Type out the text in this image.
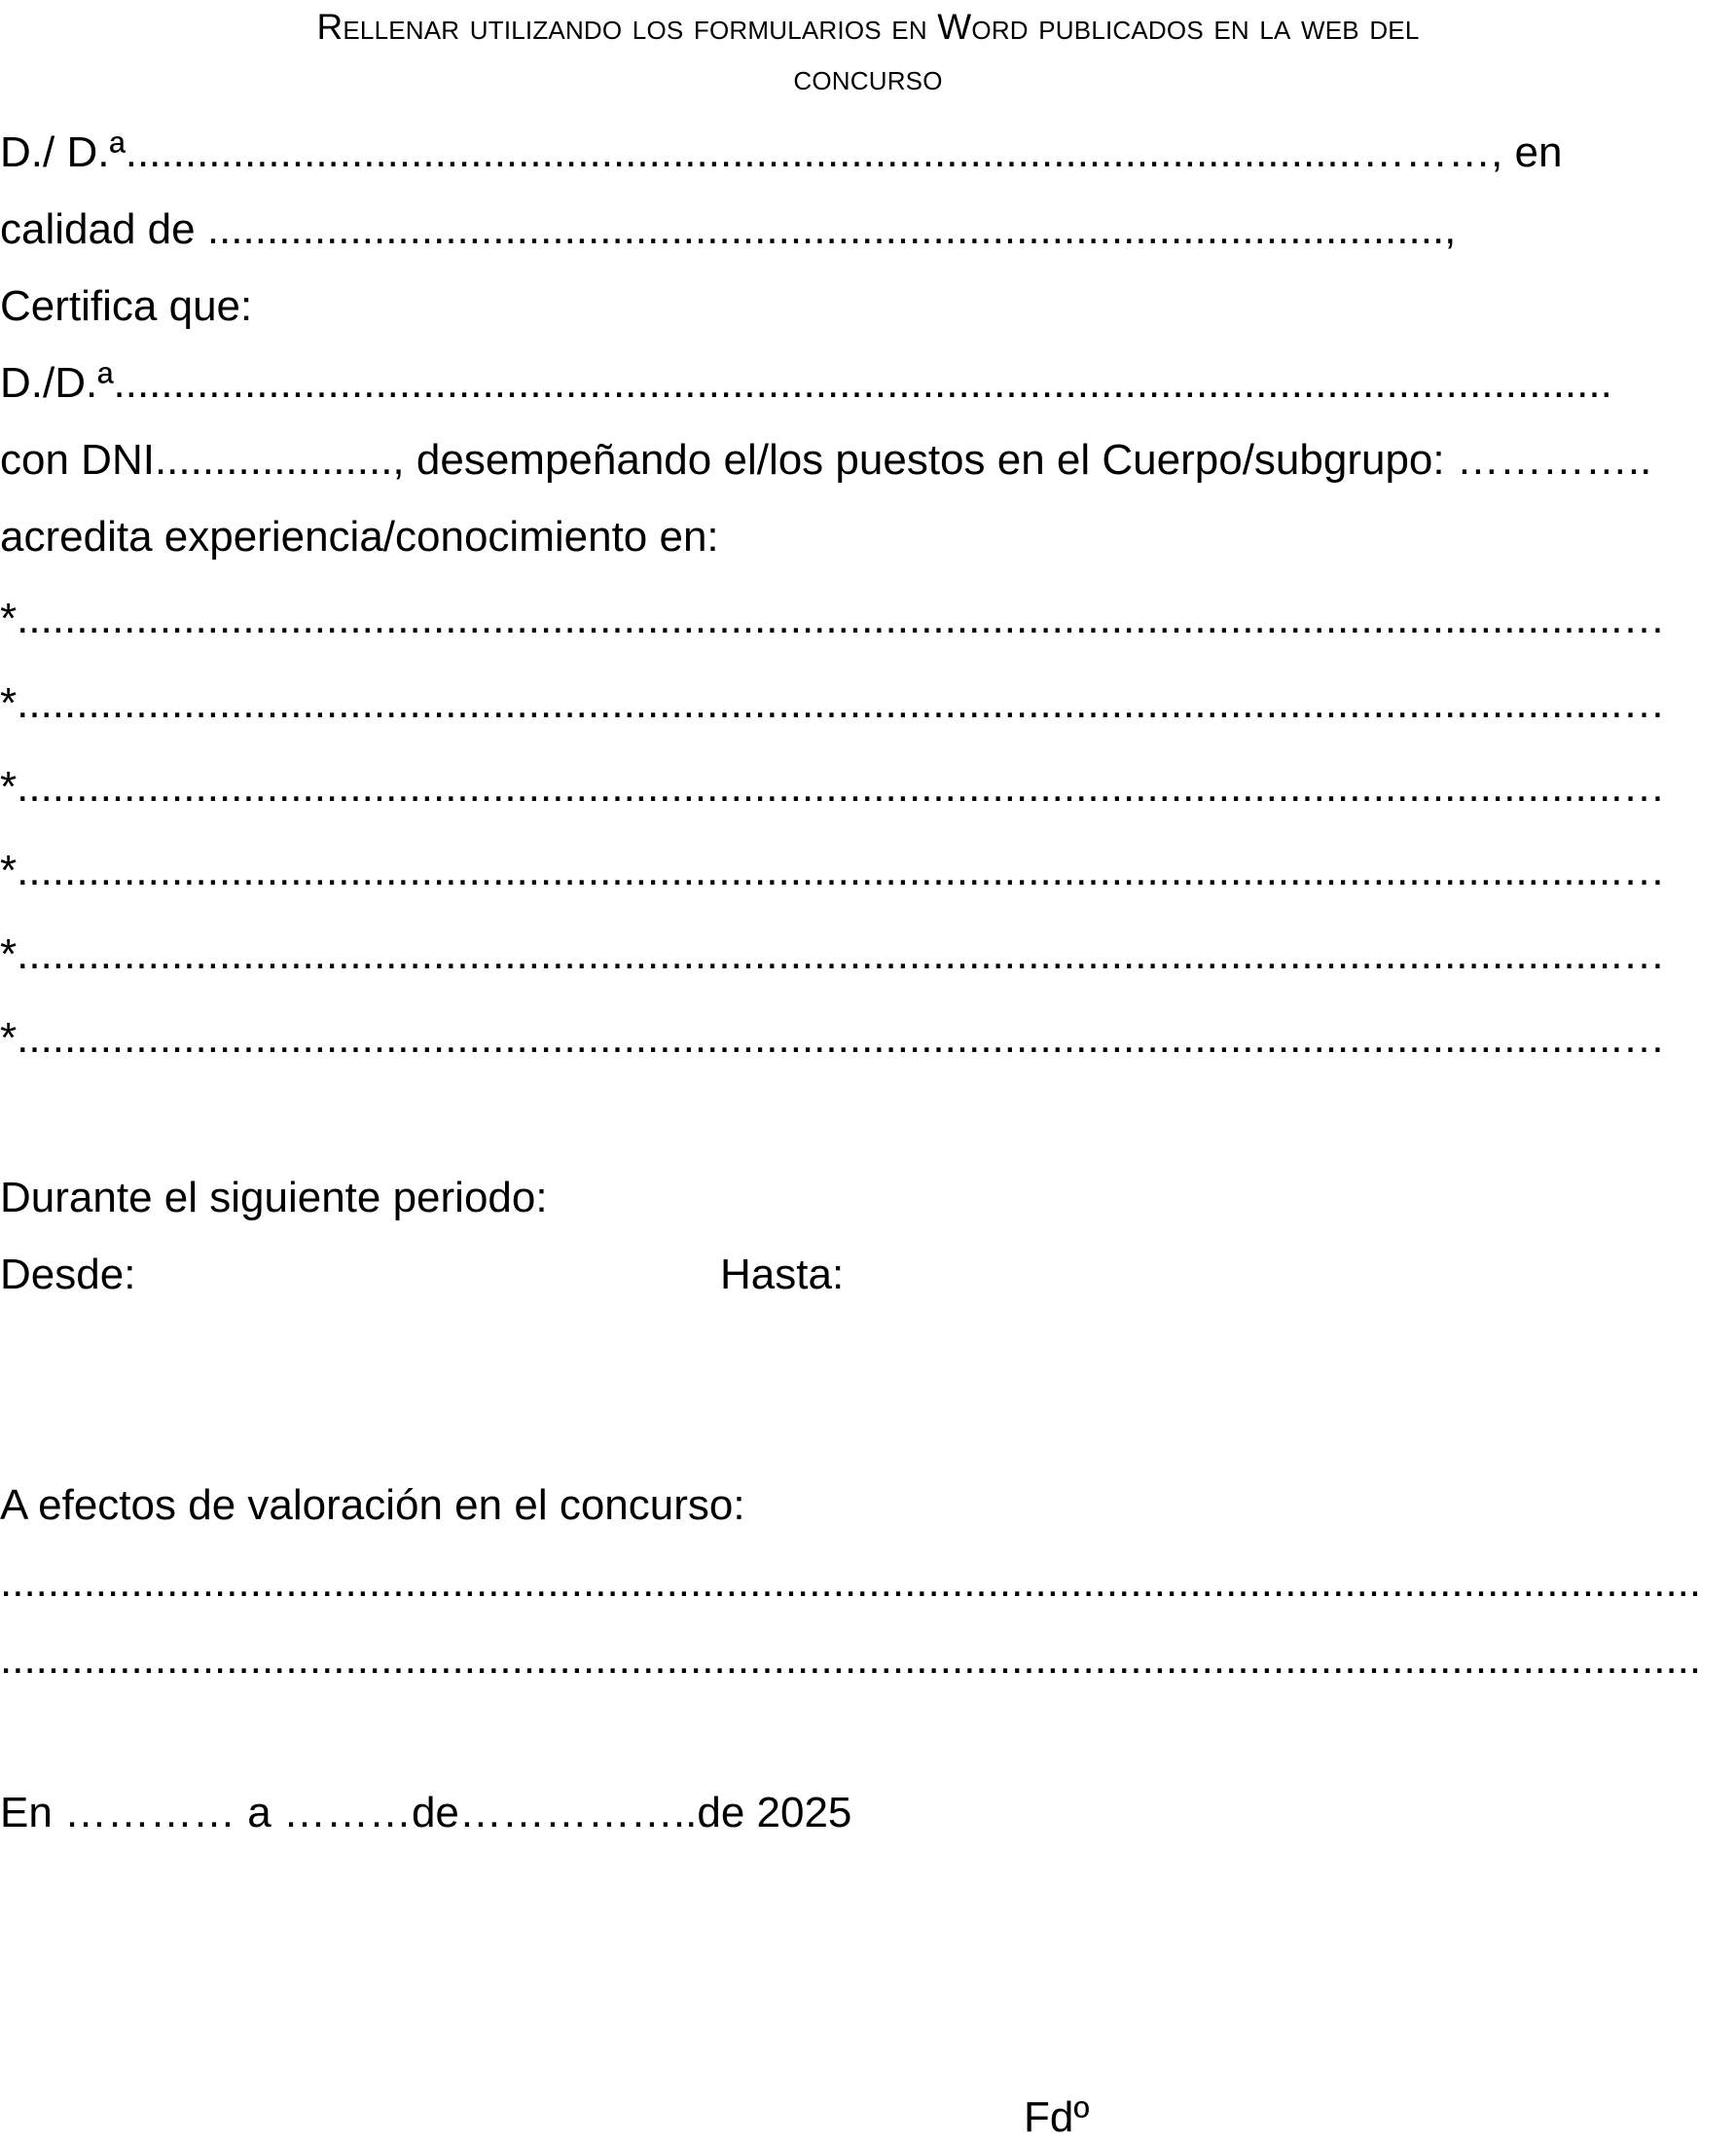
Rellenar utilizando los formularios en Word publicados en la web del
concurso
D./ D.ª........................................................................................................………, en
calidad de ........................................................................................................,
Certifica que:
D./D.ª..............................................................................................................................
con DNI...................., desempeñando el/los puestos en el Cuerpo/subgrupo: …………..
acredita experiencia/conocimiento en:
*.......................................................................................................................................…
*.......................................................................................................................................…
*.......................................................................................................................................…
*.......................................................................................................................................…
*.......................................................................................................................................…
*.......................................................................................................................................…
Durante el siguiente periodo:
Desde:	Hasta:
A efectos de valoración en el concurso:
...............................................................................................................................................
...............................................................................................................................................
En ………… a ………de……………..de 2025
Fdº
